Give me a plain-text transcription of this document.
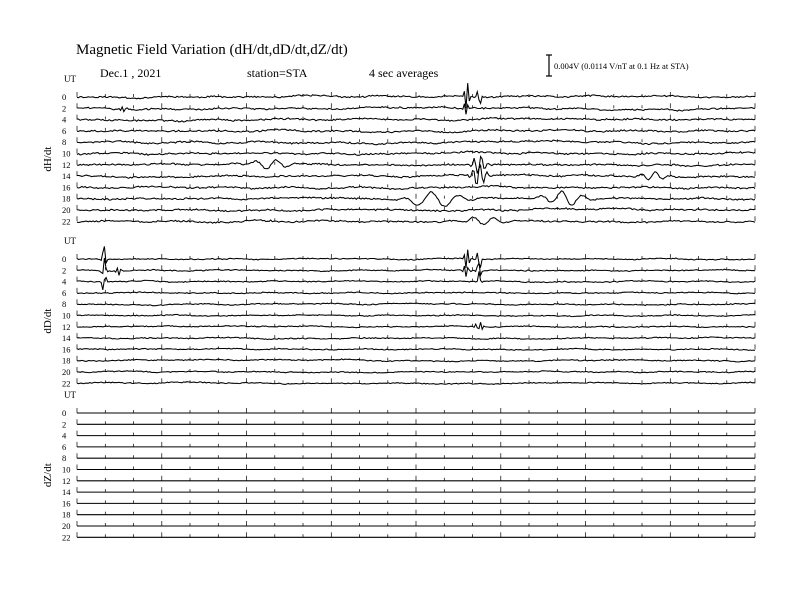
Magnetic Field Variation (dH/dt,dD/dt,dZ/dt)
Dec.1 , 2021	station=STA	4 sec averages	0.004V (0.0114 V/nT at 0.1 Hz at STA)
UT
dH/dt
0
2
4
6
8
10
12
14
16
18
20
22
UT
dD/dt
0
2
4
6
8
10
12
14
16
18
20
22
UT
dZ/dt
0
2
4
6
8
10
12
14
16
18
20
22
